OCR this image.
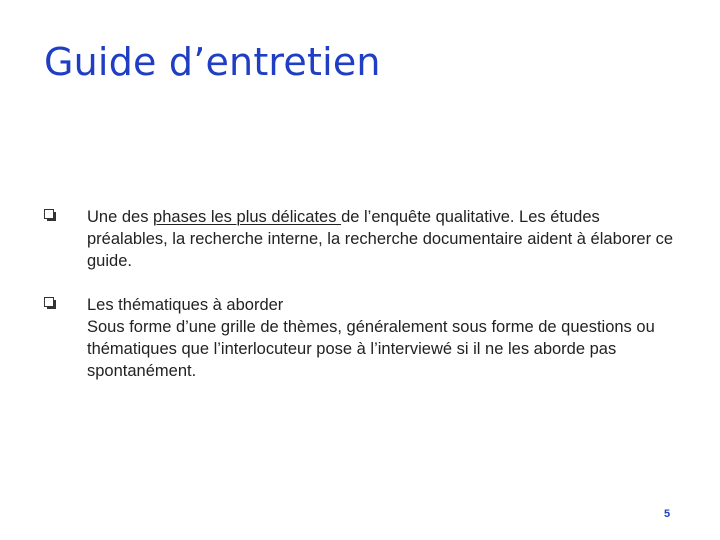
Guide d’entretien
Une des phases les plus délicates de l’enquête qualitative. Les études préalables, la recherche interne, la recherche documentaire aident à élaborer ce guide.
Les thématiques à aborder
Sous forme d’une grille de thèmes, généralement sous forme de questions ou thématiques que l’interlocuteur pose à l’interviewé si il ne les aborde pas spontanément.
5
